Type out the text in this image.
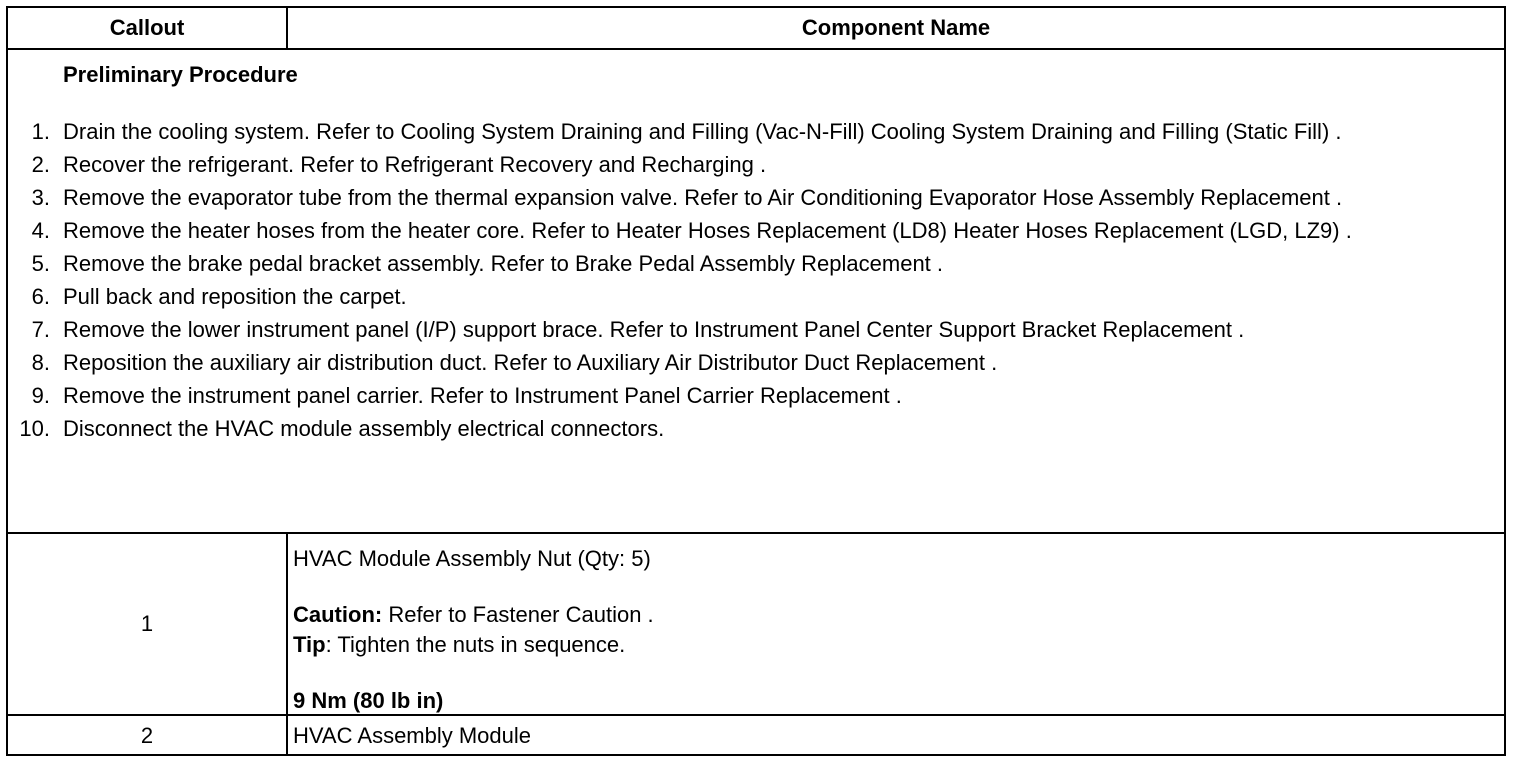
Callout	Component Name
Preliminary Procedure
1. Drain the cooling system. Refer to Cooling System Draining and Filling (Vac-N-Fill) Cooling System Draining and Filling (Static Fill) .
2. Recover the refrigerant. Refer to Refrigerant Recovery and Recharging .
3. Remove the evaporator tube from the thermal expansion valve. Refer to Air Conditioning Evaporator Hose Assembly Replacement .
4. Remove the heater hoses from the heater core. Refer to Heater Hoses Replacement (LD8) Heater Hoses Replacement (LGD, LZ9) .
5. Remove the brake pedal bracket assembly. Refer to Brake Pedal Assembly Replacement .
6. Pull back and reposition the carpet.
7. Remove the lower instrument panel (I/P) support brace. Refer to Instrument Panel Center Support Bracket Replacement .
8. Reposition the auxiliary air distribution duct. Refer to Auxiliary Air Distributor Duct Replacement .
9. Remove the instrument panel carrier. Refer to Instrument Panel Carrier Replacement .
10. Disconnect the HVAC module assembly electrical connectors.
1
HVAC Module Assembly Nut (Qty: 5)
Caution: Refer to Fastener Caution .
Tip: Tighten the nuts in sequence.
9 Nm (80 lb in)
2	HVAC Assembly Module
